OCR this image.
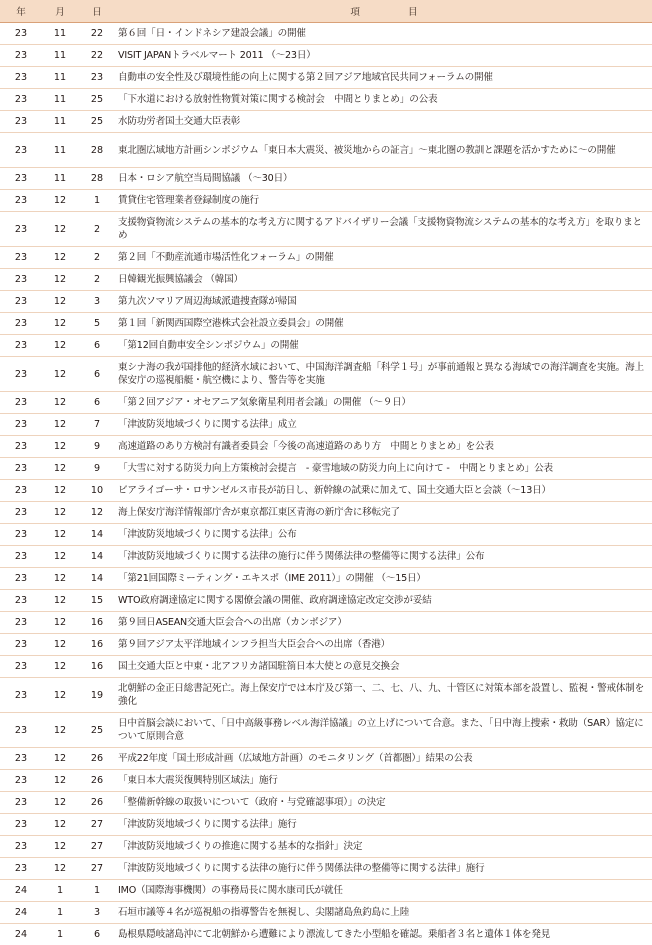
年	月	日	項　　　　　目
23	11	22	第６回「日・インドネシア建設会議」の開催
23	11	22	VISIT JAPANトラベルマート 2011 （～23日）
23	11	23	自動車の安全性及び環境性能の向上に関する第２回アジア地域官民共同フォーラムの開催
23	11	25	「下水道における放射性物質対策に関する検討会　中間とりまとめ」の公表
23	11	25	水防功労者国土交通大臣表彰
23	11	28	東北圏広域地方計画シンポジウム「東日本大震災、被災地からの証言」～東北圏の教訓と課題を活かすために～の開催
23	11	28	日本・ロシア航空当局間協議 （～30日）
23	12	1	賃貸住宅管理業者登録制度の施行
23	12	2	支援物資物流システムの基本的な考え方に関するアドバイザリー会議「支援物資物流システムの基本的な考え方」を取りまとめ
23	12	2	第２回「不動産流通市場活性化フォーラム」の開催
23	12	2	日韓観光振興協議会 （韓国）
23	12	3	第九次ソマリア周辺海域派遣捜査隊が帰国
23	12	5	第１回「新関西国際空港株式会社設立委員会」の開催
23	12	6	「第12回自動車安全シンポジウム」の開催
23	12	6	東シナ海の我が国排他的経済水域において、中国海洋調査船「科学１号」が事前通報と異なる海域での海洋調査を実施。海上保安庁の巡視船艇・航空機により、警告等を実施
23	12	6	「第２回アジア・オセアニア気象衛星利用者会議」の開催 （～９日）
23	12	7	「津波防災地域づくりに関する法律」成立
23	12	9	高速道路のあり方検討有識者委員会「今後の高速道路のあり方　中間とりまとめ」を公表
23	12	9	「大雪に対する防災力向上方策検討会提言　- 豪雪地域の防災力向上に向けて -　中間とりまとめ」公表
23	12	10	ビアライゴーサ・ロサンゼルス市長が訪日し、新幹線の試乗に加えて、国土交通大臣と会談（～13日）
23	12	12	海上保安庁海洋情報部庁舎が東京都江東区青海の新庁舎に移転完了
23	12	14	「津波防災地域づくりに関する法律」公布
23	12	14	「津波防災地域づくりに関する法律の施行に伴う関係法律の整備等に関する法律」公布
23	12	14	「第21回国際ミーティング・エキスポ（IME 2011）」の開催 （～15日）
23	12	15	WTO政府調達協定に関する閣僚会議の開催、政府調達協定改定交渉が妥結
23	12	16	第９回日ASEAN交通大臣会合への出席（カンボジア）
23	12	16	第９回アジア太平洋地域インフラ担当大臣会合への出席（香港）
23	12	16	国土交通大臣と中東・北アフリカ諸国駐箚日本大使との意見交換会
23	12	19	北朝鮮の金正日総書記死亡。海上保安庁では本庁及び第一、二、七、八、九、十管区に対策本部を設置し、監視・警戒体制を強化
23	12	25	日中首脳会談において、「日中高級事務レベル海洋協議」の立上げについて合意。また、「日中海上捜索・救助（SAR）協定について原則合意
23	12	26	平成22年度「国土形成計画（広域地方計画）のモニタリング（首都圏）」結果の公表
23	12	26	「東日本大震災復興特別区域法」施行
23	12	26	「整備新幹線の取扱いについて（政府・与党確認事項）」の決定
23	12	27	「津波防災地域づくりに関する法律」施行
23	12	27	「津波防災地域づくりの推進に関する基本的な指針」決定
23	12	27	「津波防災地域づくりに関する法律の施行に伴う関係法律の整備等に関する法律」施行
24	1	1	IMO（国際海事機関）の事務局長に関水康司氏が就任
24	1	3	石垣市議等４名が巡視船の指導警告を無視し、尖閣諸島魚釣島に上陸
24	1	6	島根県隠岐諸島沖にて北朝鮮から遭難により漂流してきた小型船を確認。乗船者３名と遺体１体を発見
